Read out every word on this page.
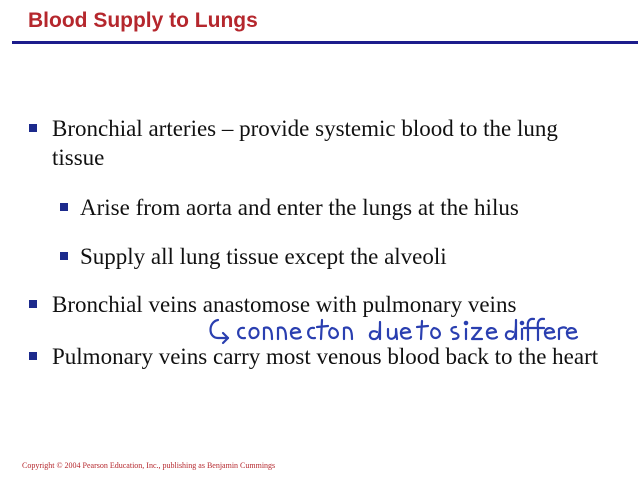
Blood Supply to Lungs
Bronchial arteries – provide systemic blood to the lung tissue
Arise from aorta and enter the lungs at the hilus
Supply all lung tissue except the alveoli
Bronchial veins anastomose with pulmonary veins
Pulmonary veins carry most venous blood back to the heart
Copyright © 2004 Pearson Education, Inc., publishing as Benjamin Cummings
